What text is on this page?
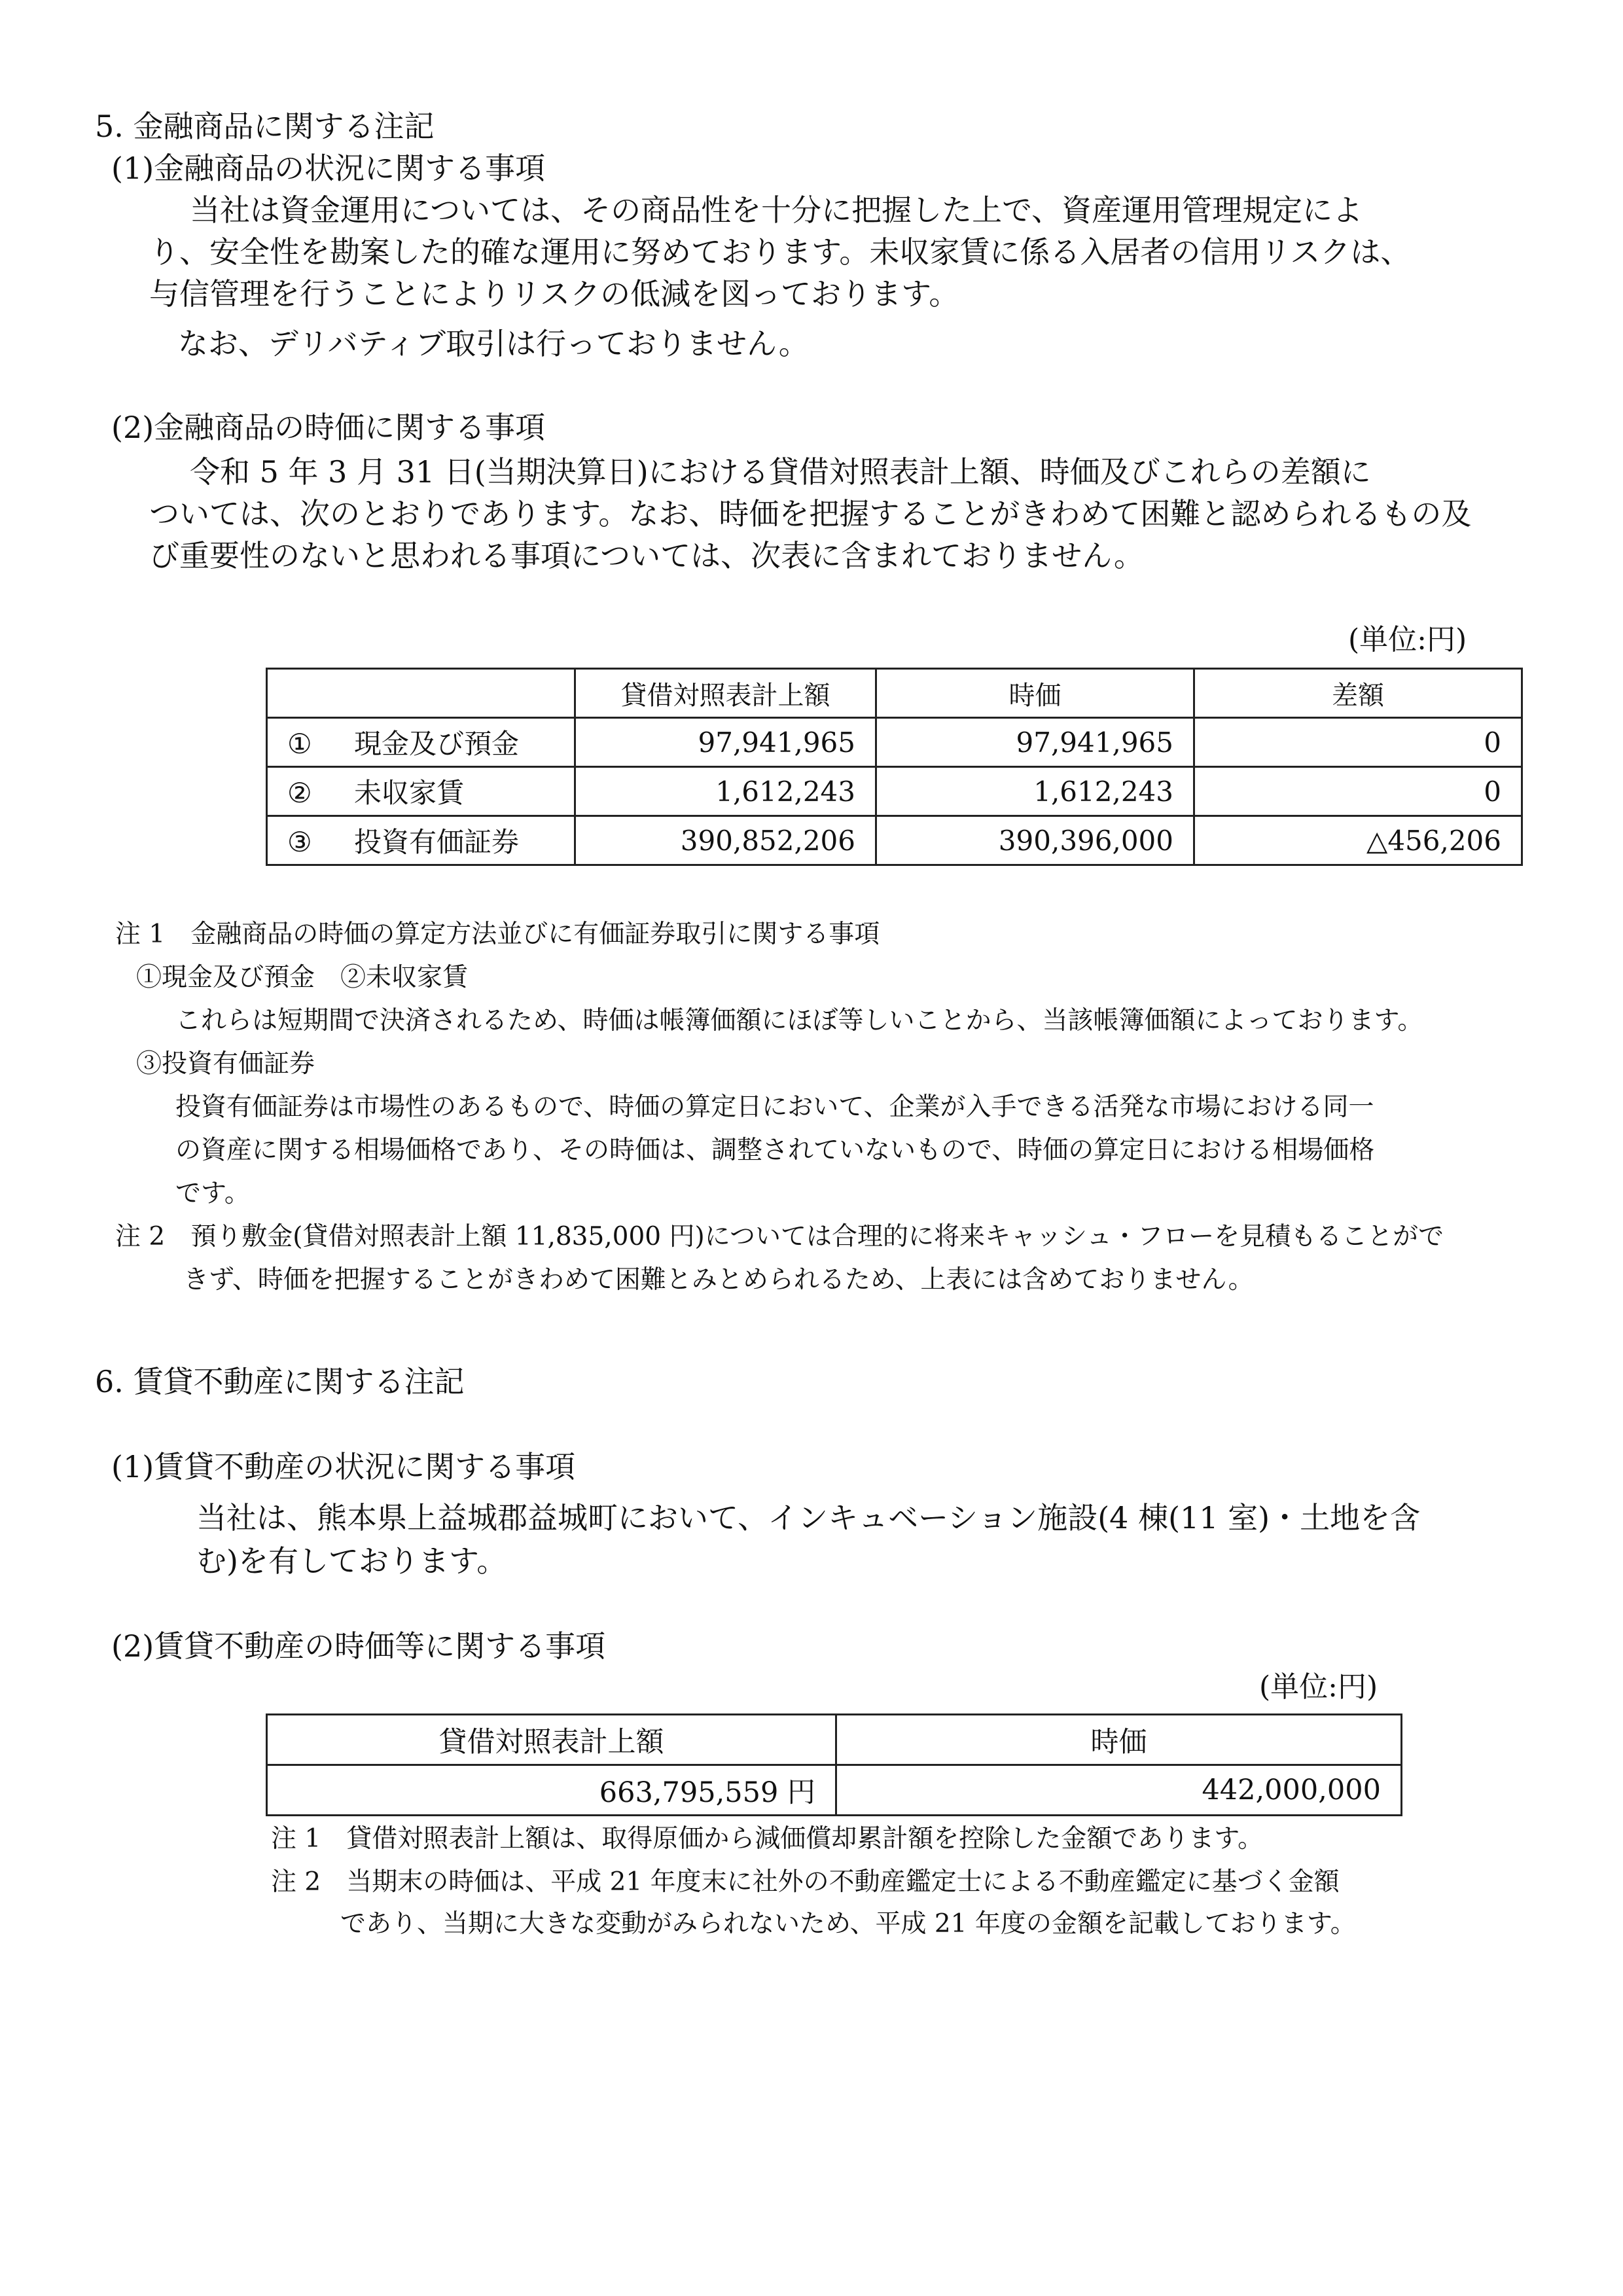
5. 金融商品に関する注記
(1)金融商品の状況に関する事項
当社は資金運用については、その商品性を十分に把握した上で、資産運用管理規定によ
り、安全性を勘案した的確な運用に努めております。未収家賃に係る入居者の信用リスクは、
与信管理を行うことによりリスクの低減を図っております。
なお、デリバティブ取引は行っておりません。
(2)金融商品の時価に関する事項
令和 5 年 3 月 31 日(当期決算日)における貸借対照表計上額、時価及びこれらの差額に
ついては、次のとおりであります。なお、時価を把握することがきわめて困難と認められるもの及
び重要性のないと思われる事項については、次表に含まれておりません。
(単位:円)
	貸借対照表計上額	時価	差額
① 現金及び預金	97,941,965	97,941,965	0
② 未収家賃	1,612,243	1,612,243	0
③ 投資有価証券	390,852,206	390,396,000	△456,206
注 1　金融商品の時価の算定方法並びに有価証券取引に関する事項
①現金及び預金　②未収家賃
これらは短期間で決済されるため、時価は帳簿価額にほぼ等しいことから、当該帳簿価額によっております。
③投資有価証券
投資有価証券は市場性のあるもので、時価の算定日において、企業が入手できる活発な市場における同一
の資産に関する相場価格であり、その時価は、調整されていないもので、時価の算定日における相場価格
です。
注 2　預り敷金(貸借対照表計上額 11,835,000 円)については合理的に将来キャッシュ・フローを見積もることがで
きず、時価を把握することがきわめて困難とみとめられるため、上表には含めておりません。
6. 賃貸不動産に関する注記
(1)賃貸不動産の状況に関する事項
当社は、熊本県上益城郡益城町において、インキュベーション施設(4 棟(11 室)・土地を含
む)を有しております。
(2)賃貸不動産の時価等に関する事項
(単位:円)
貸借対照表計上額	時価
663,795,559 円	442,000,000
注 1　貸借対照表計上額は、取得原価から減価償却累計額を控除した金額であります。
注 2　当期末の時価は、平成 21 年度末に社外の不動産鑑定士による不動産鑑定に基づく金額
であり、当期に大きな変動がみられないため、平成 21 年度の金額を記載しております。
